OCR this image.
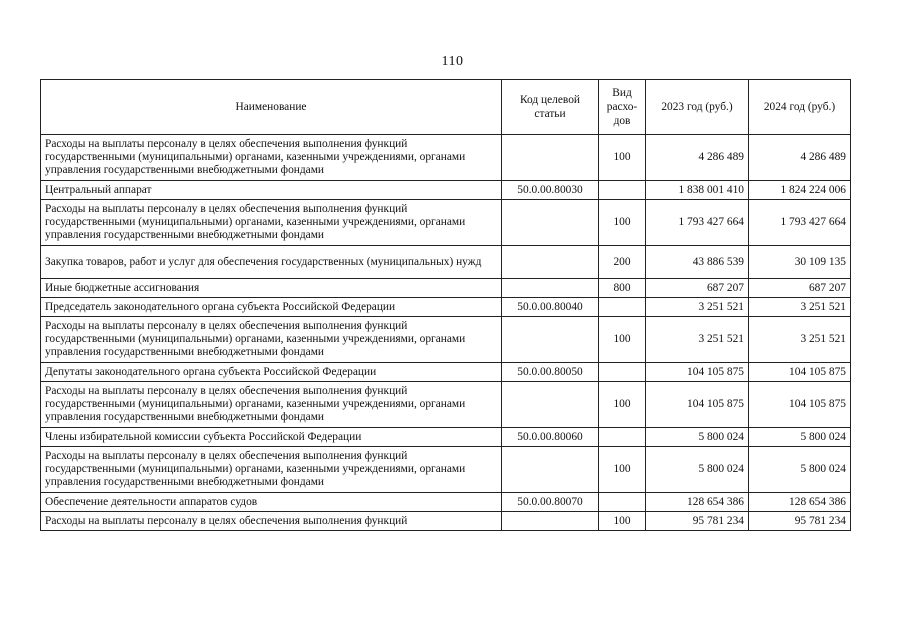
110
Наименование	Код целевой статьи	Вид расхо-дов	2023 год (руб.)	2024 год (руб.)
Расходы на выплаты персоналу в целях обеспечения выполнения функций государственными (муниципальными) органами, казенными учреждениями, органами управления государственными внебюджетными фондами		100	4 286 489	4 286 489
Центральный аппарат	50.0.00.80030		1 838 001 410	1 824 224 006
Расходы на выплаты персоналу в целях обеспечения выполнения функций государственными (муниципальными) органами, казенными учреждениями, органами управления государственными внебюджетными фондами		100	1 793 427 664	1 793 427 664
Закупка товаров, работ и услуг для обеспечения государственных (муниципальных) нужд		200	43 886 539	30 109 135
Иные бюджетные ассигнования		800	687 207	687 207
Председатель законодательного органа субъекта Российской Федерации	50.0.00.80040		3 251 521	3 251 521
Расходы на выплаты персоналу в целях обеспечения выполнения функций государственными (муниципальными) органами, казенными учреждениями, органами управления государственными внебюджетными фондами		100	3 251 521	3 251 521
Депутаты законодательного органа субъекта Российской Федерации	50.0.00.80050		104 105 875	104 105 875
Расходы на выплаты персоналу в целях обеспечения выполнения функций государственными (муниципальными) органами, казенными учреждениями, органами управления государственными внебюджетными фондами		100	104 105 875	104 105 875
Члены избирательной комиссии субъекта Российской Федерации	50.0.00.80060		5 800 024	5 800 024
Расходы на выплаты персоналу в целях обеспечения выполнения функций государственными (муниципальными) органами, казенными учреждениями, органами управления государственными внебюджетными фондами		100	5 800 024	5 800 024
Обеспечение деятельности аппаратов судов	50.0.00.80070		128 654 386	128 654 386
Расходы на выплаты персоналу в целях обеспечения выполнения функций		100	95 781 234	95 781 234
